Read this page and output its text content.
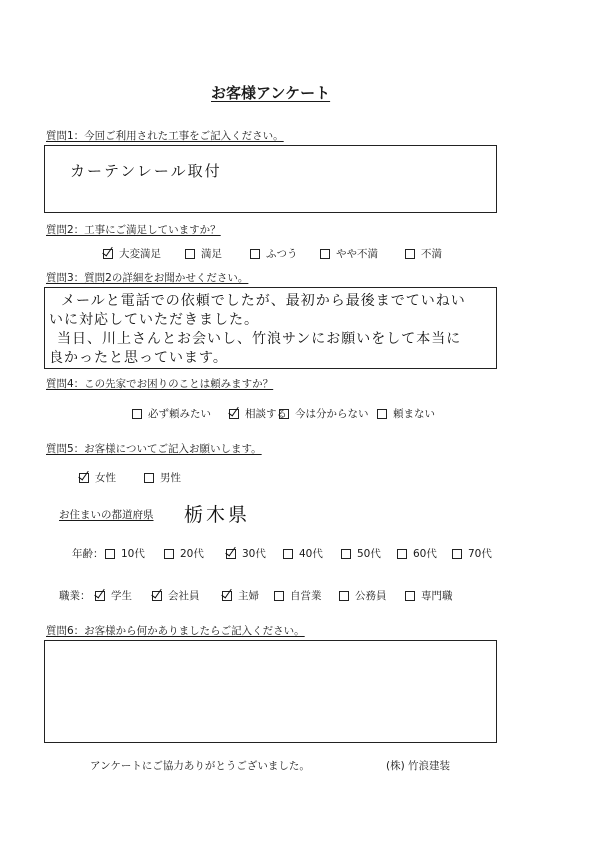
お客様アンケート
質問1：今回ご利用された工事をご記入ください。
カーテンレール取付
質問2：工事にご満足していますか？
大変満足	満足	ふつう	やや不満	不満
質問3：質問2の詳細をお聞かせください。
メールと電話での依頼でしたが、最初から最後までていねい
いに対応していただきました。
当日、川上さんとお会いし、竹浪サンにお願いをして本当に
良かったと思っています。
質問4：この先家でお困りのことは頼みますか？
必ず頼みたい	相談する 今は分からない 頼まない
質問5：お客様についてご記入お願いします。
女性	男性
お住まいの都道府県 栃木県
年齢： 10代	20代	30代	40代	50代	60代	70代
職業： 学生	会社員	主婦	自営業	公務員	専門職
質問6：お客様から何かありましたらご記入ください。
アンケートにご協力ありがとうございました。	(株) 竹浪建装
